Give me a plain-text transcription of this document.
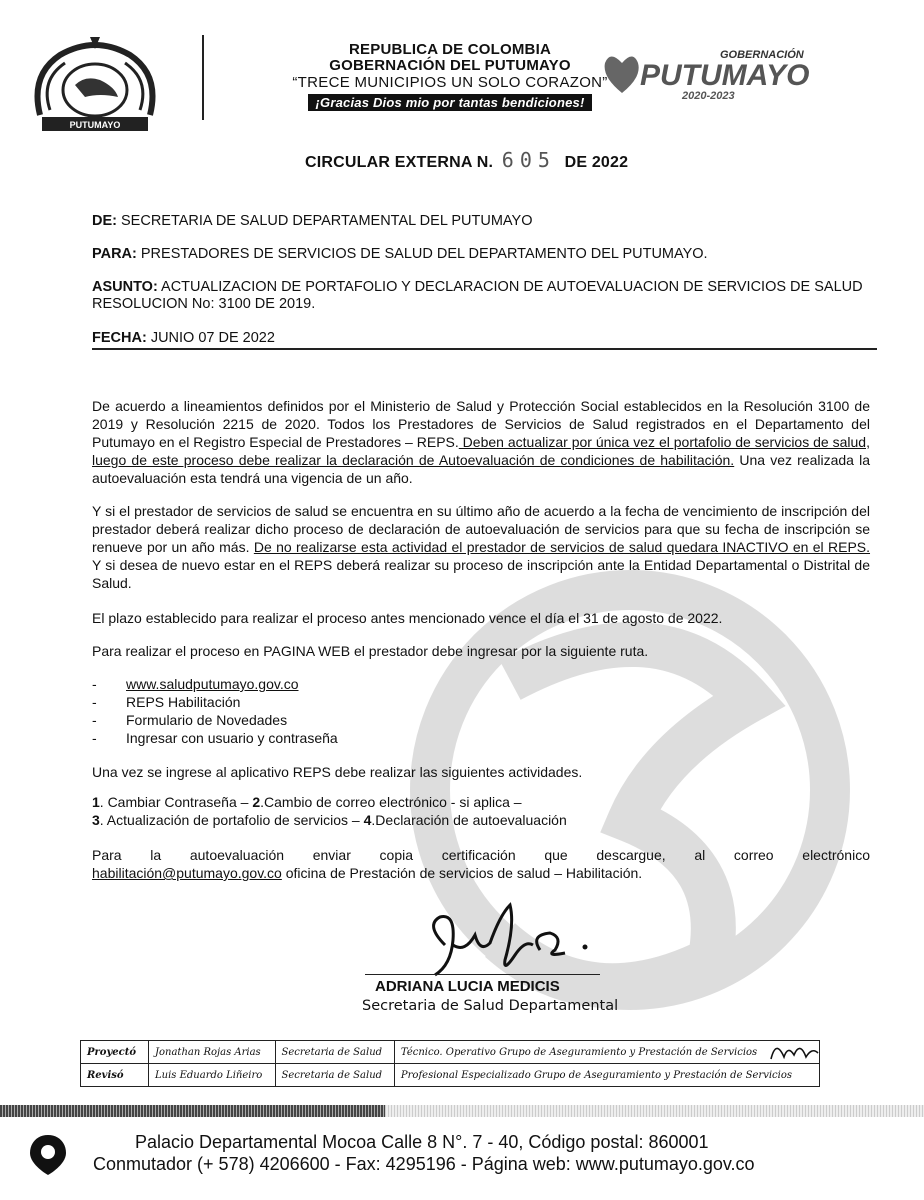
PUTUMAYO
REPUBLICA DE COLOMBIA
GOBERNACIÓN DEL PUTUMAYO
“TRECE MUNICIPIOS UN SOLO CORAZON”
¡Gracias Dios mio por tantas bendiciones!
GOBERNACIÓN
PUTUMAYO
2020-2023
CIRCULAR EXTERNA N. 605 DE 2022
DE: SECRETARIA DE SALUD DEPARTAMENTAL DEL PUTUMAYO
PARA: PRESTADORES DE SERVICIOS DE SALUD DEL DEPARTAMENTO DEL PUTUMAYO.
ASUNTO: ACTUALIZACION DE PORTAFOLIO Y DECLARACION DE AUTOEVALUACION DE SERVICIOS DE SALUD RESOLUCION No: 3100 DE 2019.
FECHA: JUNIO 07 DE 2022
De acuerdo a lineamientos definidos por el Ministerio de Salud y Protección Social establecidos en la Resolución 3100 de 2019 y Resolución 2215 de 2020. Todos los Prestadores de Servicios de Salud registrados en el Departamento del Putumayo en el Registro Especial de Prestadores – REPS. Deben actualizar por única vez el portafolio de servicios de salud, luego de este proceso debe realizar la declaración de Autoevaluación de condiciones de habilitación. Una vez realizada la autoevaluación esta tendrá una vigencia de un año.
Y si el prestador de servicios de salud se encuentra en su último año de acuerdo a la fecha de vencimiento de inscripción del prestador deberá realizar dicho proceso de declaración de autoevaluación de servicios para que su fecha de inscripción se renueve por un año más. De no realizarse esta actividad el prestador de servicios de salud quedara INACTIVO en el REPS. Y si desea de nuevo estar en el REPS deberá realizar su proceso de inscripción ante la Entidad Departamental o Distrital de Salud.
El plazo establecido para realizar el proceso antes mencionado vence el día el 31 de agosto de 2022.
Para realizar el proceso en PAGINA WEB el prestador debe ingresar por la siguiente ruta.
-	www.saludputumayo.gov.co
-	REPS Habilitación
-	Formulario de Novedades
-	Ingresar con usuario y contraseña
Una vez se ingrese al aplicativo REPS debe realizar las siguientes actividades.
1. Cambiar Contraseña – 2.Cambio de correo electrónico - si aplica –
3. Actualización de portafolio de servicios – 4.Declaración de autoevaluación
Para la autoevaluación enviar copia certificación que descargue, al correo electrónico
habilitación@putumayo.gov.co oficina de Prestación de servicios de salud – Habilitación.
ADRIANA LUCIA MEDICIS
Secretaria de Salud Departamental
Proyectó	Jonathan Rojas Arias	Secretaria de Salud	Técnico. Operativo Grupo de Aseguramiento y Prestación de Servicios
Revisó	Luis Eduardo Liñeiro	Secretaria de Salud	Profesional Especializado Grupo de Aseguramiento y Prestación de Servicios
Palacio Departamental Mocoa Calle 8 N°. 7 - 40, Código postal: 860001
Conmutador (+ 578) 4206600 - Fax: 4295196 - Página web: www.putumayo.gov.co
